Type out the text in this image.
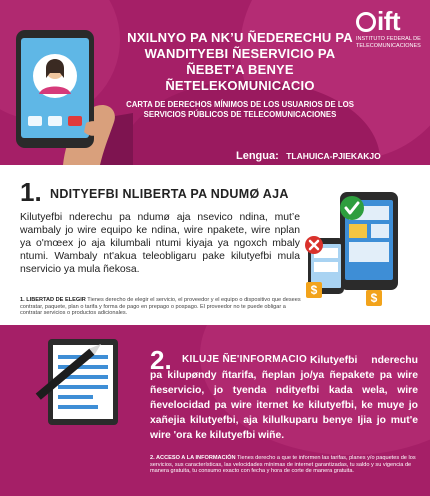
ift
INSTITUTO FEDERAL DE TELECOMUNICACIONES
NXILNYO PA NK’U ÑEDERECHU PA WANDITYEBI ÑESERVICIO PA ÑEBET’A BENYE ÑETELEKOMUNICACIO
CARTA DE DERECHOS MÍNIMOS DE LOS USUARIOS DE LOS SERVICIOS PÚBLICOS DE TELECOMUNICACIONES
Lengua: TLAHUICA-PJIEKAKJO
1. NDITYEFBI NLIBERTA PA NDUMØ AJA
Kilutyefbi nderechu pa ndumø aja nsevico ndina, mut’e wambaly jo wire equipo ke ndina, wire npakete, wire nplan ya o'mœex jo aja kilumbali ntumi kiyaja ya ngoxch mbaly ntumi. Wambaly nt'akua teleobligaru pake kilutyefbi mula nservicio ya mula ñekosa.
1. LIBERTAD DE ELEGIR Tienes derecho de elegir el servicio, el proveedor y el equipo o dispositivo que desees contratar, paquete, plan o tarifa y forma de pago en prepago o pospago. El proveedor no te puede obligar a contratar servicios o productos adicionales.
$
$
2. KILUJE ÑE'INFORMACIO Kilutyefbi nderechu pa kilupøndy ñtarifa, ñeplan jo/ya ñepakete pa wire ñeservicio, jo tyenda ndityefbi kada wela, wire ñevelocidad pa wire iternet ke kilutyefbi, ke muye jo xañejia kilutyefbi, aja kilulkuparu benye Ijia jo mut'e wire 'ora ke kilutyefbi wiñe.
2. ACCESO A LA INFORMACIÓN Tienes derecho a que te informen las tarifas, planes y/o paquetes de los servicios, sus características, las velocidades mínimas de internet garantizadas, tu saldo y su vigencia de manera gratuita, tu consumo exacto con fecha y hora de corte de manera gratuita.
